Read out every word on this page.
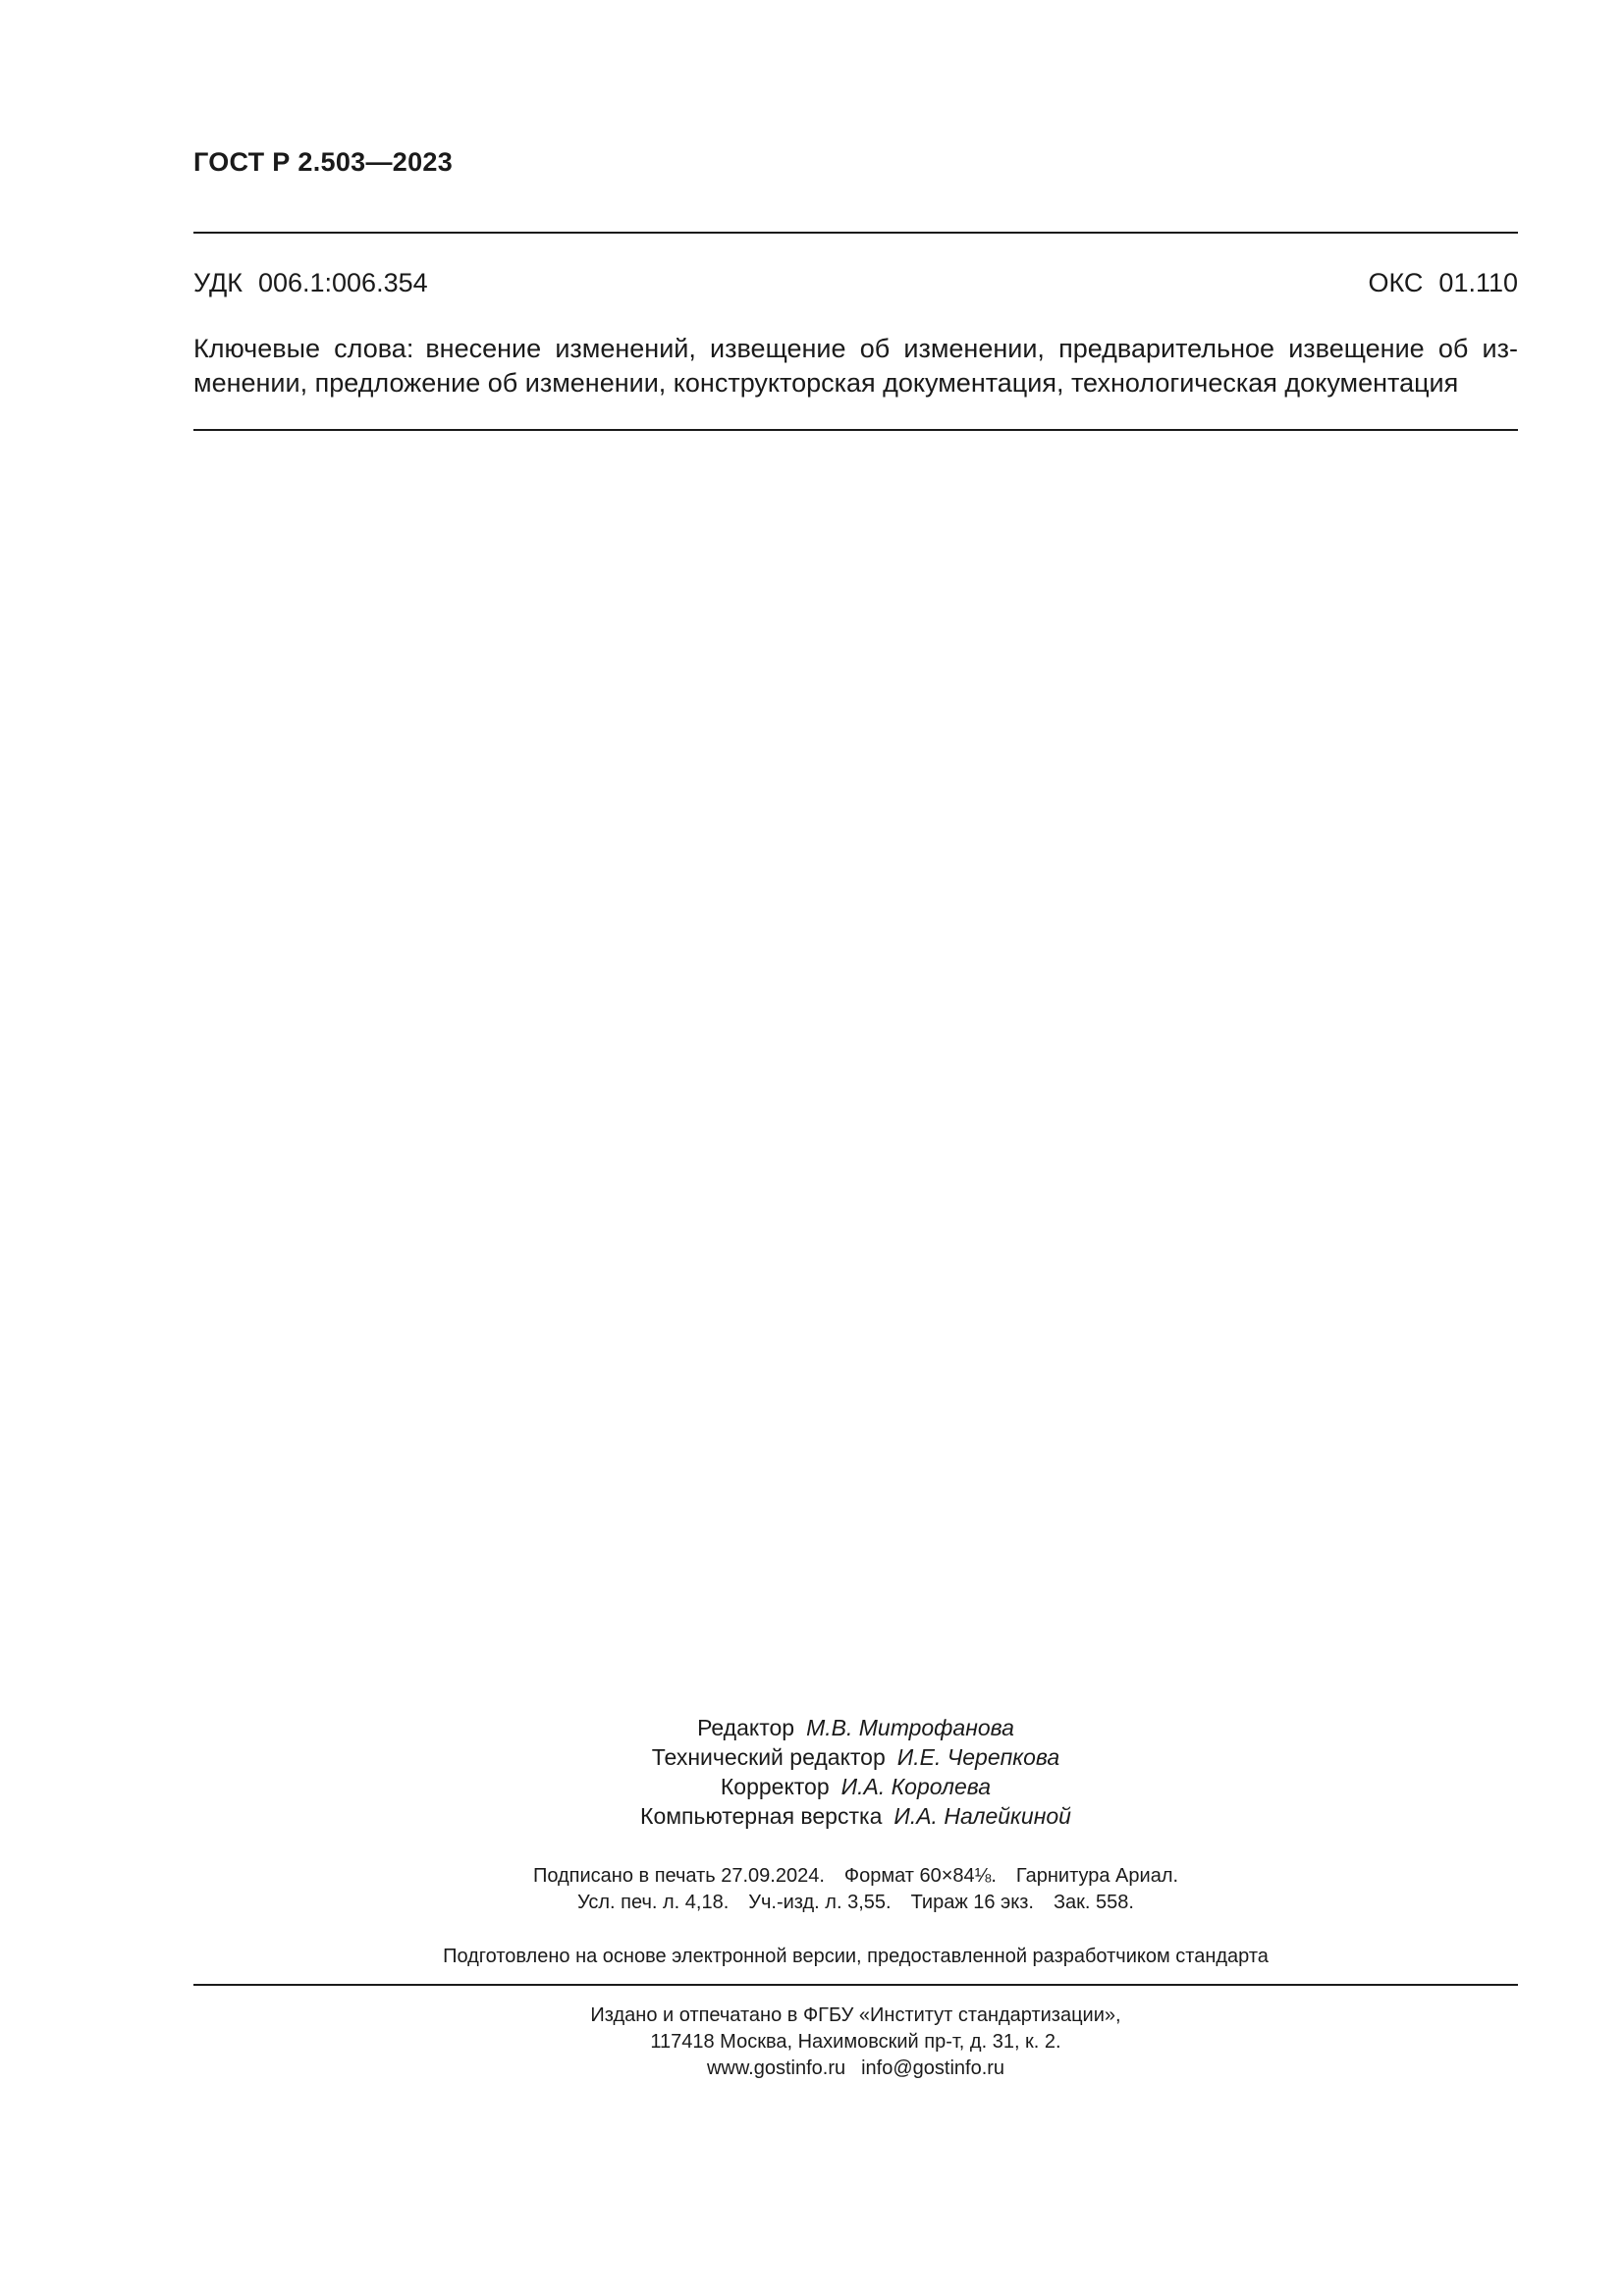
ГОСТ Р 2.503—2023
УДК 006.1:006.354	ОКС 01.110
Ключевые слова: внесение изменений, извещение об изменении, предварительное извещение об изменении, предложение об изменении, конструкторская документация, технологическая документация
Редактор М.В. Митрофанова
Технический редактор И.Е. Черепкова
Корректор И.А. Королева
Компьютерная верстка И.А. Налейкиной
Подписано в печать 27.09.2024. Формат 60×84⅛. Гарнитура Ариал.
Усл. печ. л. 4,18. Уч.-изд. л. 3,55. Тираж 16 экз. Зак. 558.
Подготовлено на основе электронной версии, предоставленной разработчиком стандарта
Издано и отпечатано в ФГБУ «Институт стандартизации»,
117418 Москва, Нахимовский пр-т, д. 31, к. 2.
www.gostinfo.ru info@gostinfo.ru
